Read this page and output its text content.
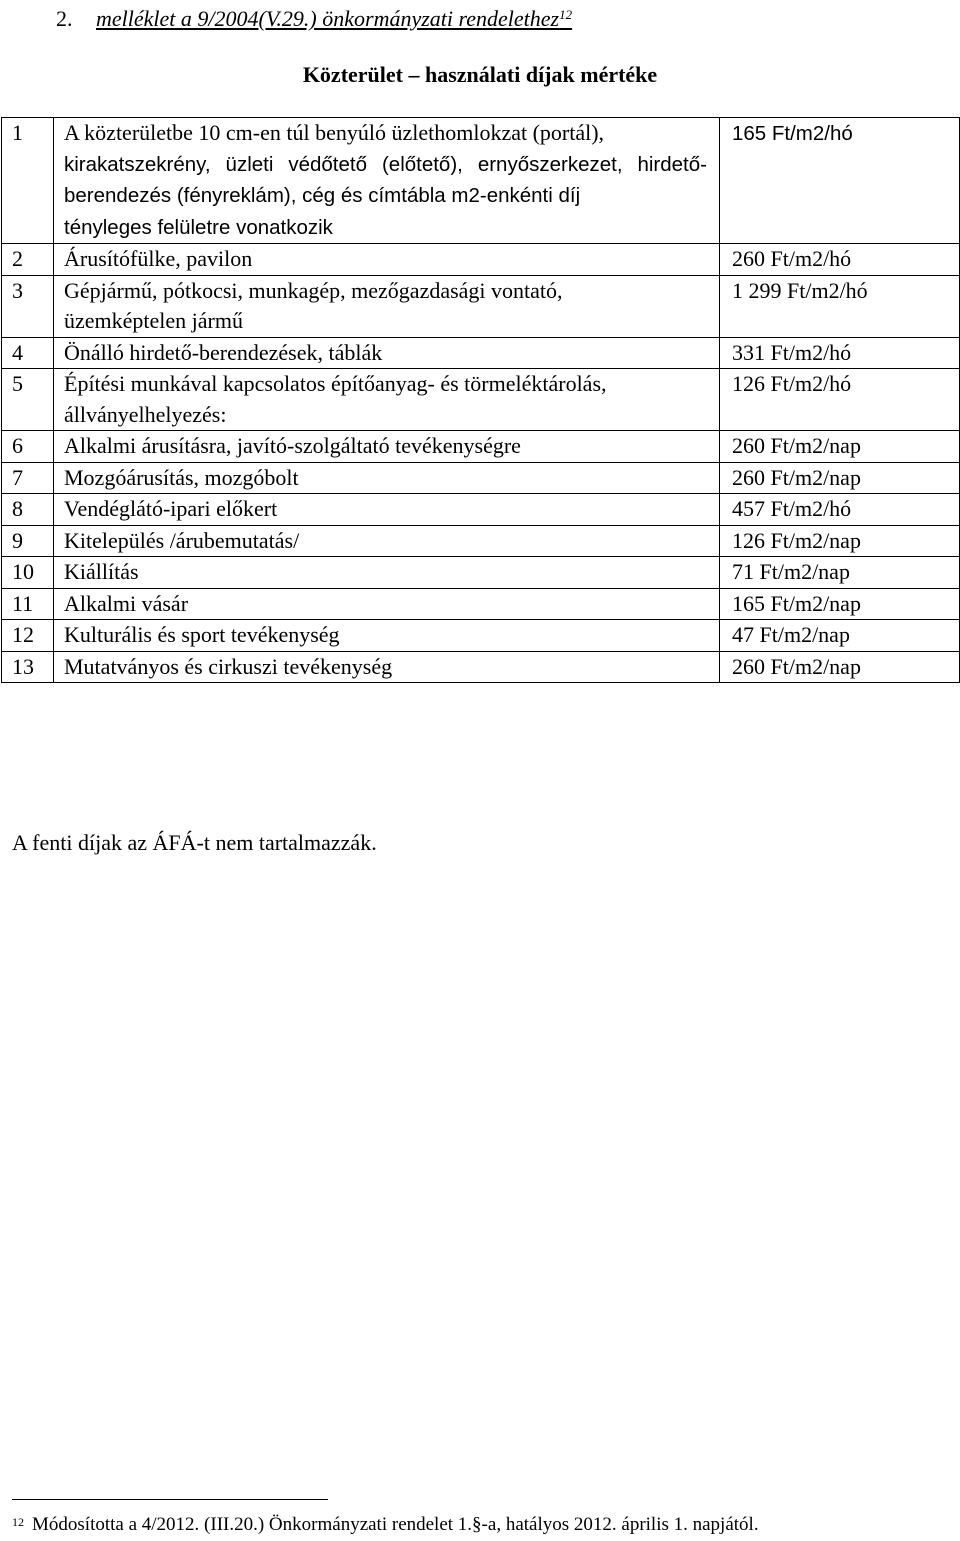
2. melléklet a 9/2004(V.29.) önkormányzati rendelethez$^{12}$
Közterület – használati díjak mértéke
1	A közterületbe 10 cm-en túl benyúló üzlethomlokzat (portál),
kirakatszekrény, üzleti védőtető (előtető), ernyőszerkezet, hirdető-berendezés (fényreklám), cég és címtábla m2-enkénti díj
tényleges felületre vonatkozik	165 Ft/m2/hó
2	Árusítófülke, pavilon	260 Ft/m2/hó
3	Gépjármű, pótkocsi, munkagép, mezőgazdasági vontató,
üzemképtelen jármű	1 299 Ft/m2/hó
4	Önálló hirdető-berendezések, táblák	331 Ft/m2/hó
5	Építési munkával kapcsolatos építőanyag- és törmeléktárolás,
állványelhelyezés:	126 Ft/m2/hó
6	Alkalmi árusításra, javító-szolgáltató tevékenységre	260 Ft/m2/nap
7	Mozgóárusítás, mozgóbolt	260 Ft/m2/nap
8	Vendéglátó-ipari előkert	457 Ft/m2/hó
9	Kitelepülés /árubemutatás/	126 Ft/m2/nap
10	Kiállítás	71 Ft/m2/nap
11	Alkalmi vásár	165 Ft/m2/nap
12	Kulturális és sport tevékenység	47 Ft/m2/nap
13	Mutatványos és cirkuszi tevékenység	260 Ft/m2/nap
A fenti díjak az ÁFÁ-t nem tartalmazzák.
$^{12}$ Módosította a 4/2012. (III.20.) Önkormányzati rendelet 1.§-a, hatályos 2012. április 1. napjától.
